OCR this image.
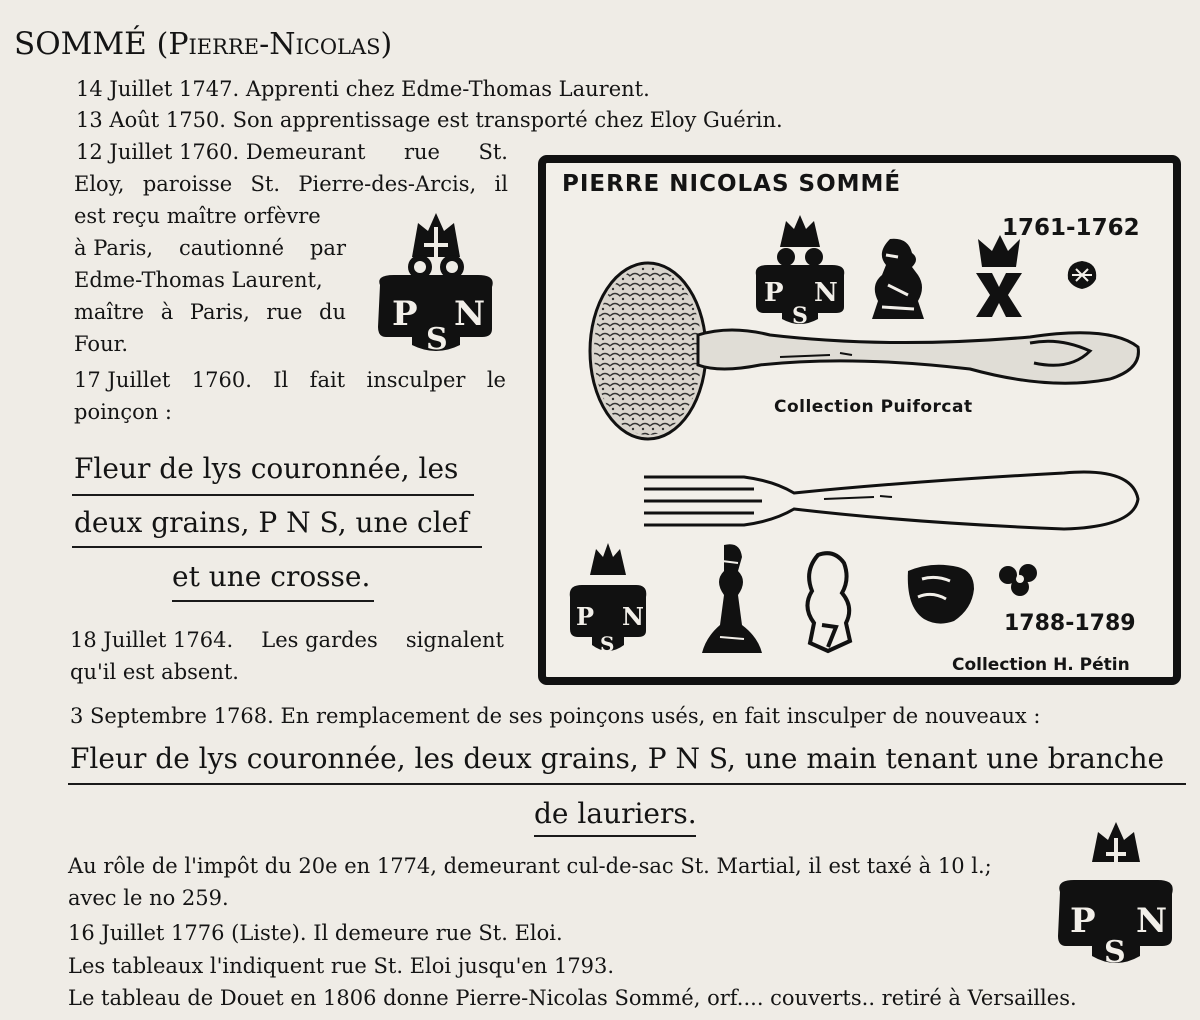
SOMMÉ (Pierre-Nicolas)
14 Juillet 1747. Apprenti chez Edme-Thomas Laurent.
13 Août 1750. Son apprentissage est transporté chez Eloy Guérin.
12 Juillet 1760. Demeurant rue St.
Eloy, paroisse St. Pierre-des-Arcis, il
est reçu maître orfèvre
à Paris, cautionné par
Edme-Thomas Laurent,
maître à Paris, rue du
Four.
17 Juillet 1760. Il fait insculper le
poinçon :
Fleur de lys couronnée, les
deux grains, P N S, une clef
et une crosse.
18 Juillet 1764. Les gardes signalent
qu'il est absent.
3 Septembre 1768. En remplacement de ses poinçons usés, en fait insculper de nouveaux :
Fleur de lys couronnée, les deux grains, P N S, une main tenant une branche
de lauriers.
Au rôle de l'impôt du 20e en 1774, demeurant cul-de-sac St. Martial, il est taxé à 10 l.;
avec le no 259.
16 Juillet 1776 (Liste). Il demeure rue St. Eloi.
Les tableaux l'indiquent rue St. Eloi jusqu'en 1793.
Le tableau de Douet en 1806 donne Pierre-Nicolas Sommé, orf.... couverts.. retiré à Versailles.
P N
S
PIERRE NICOLAS SOMMÉ
1761-1762
Collection Puiforcat
1788-1789
Collection H. Pétin
P N
S
P N
S
P N
S
